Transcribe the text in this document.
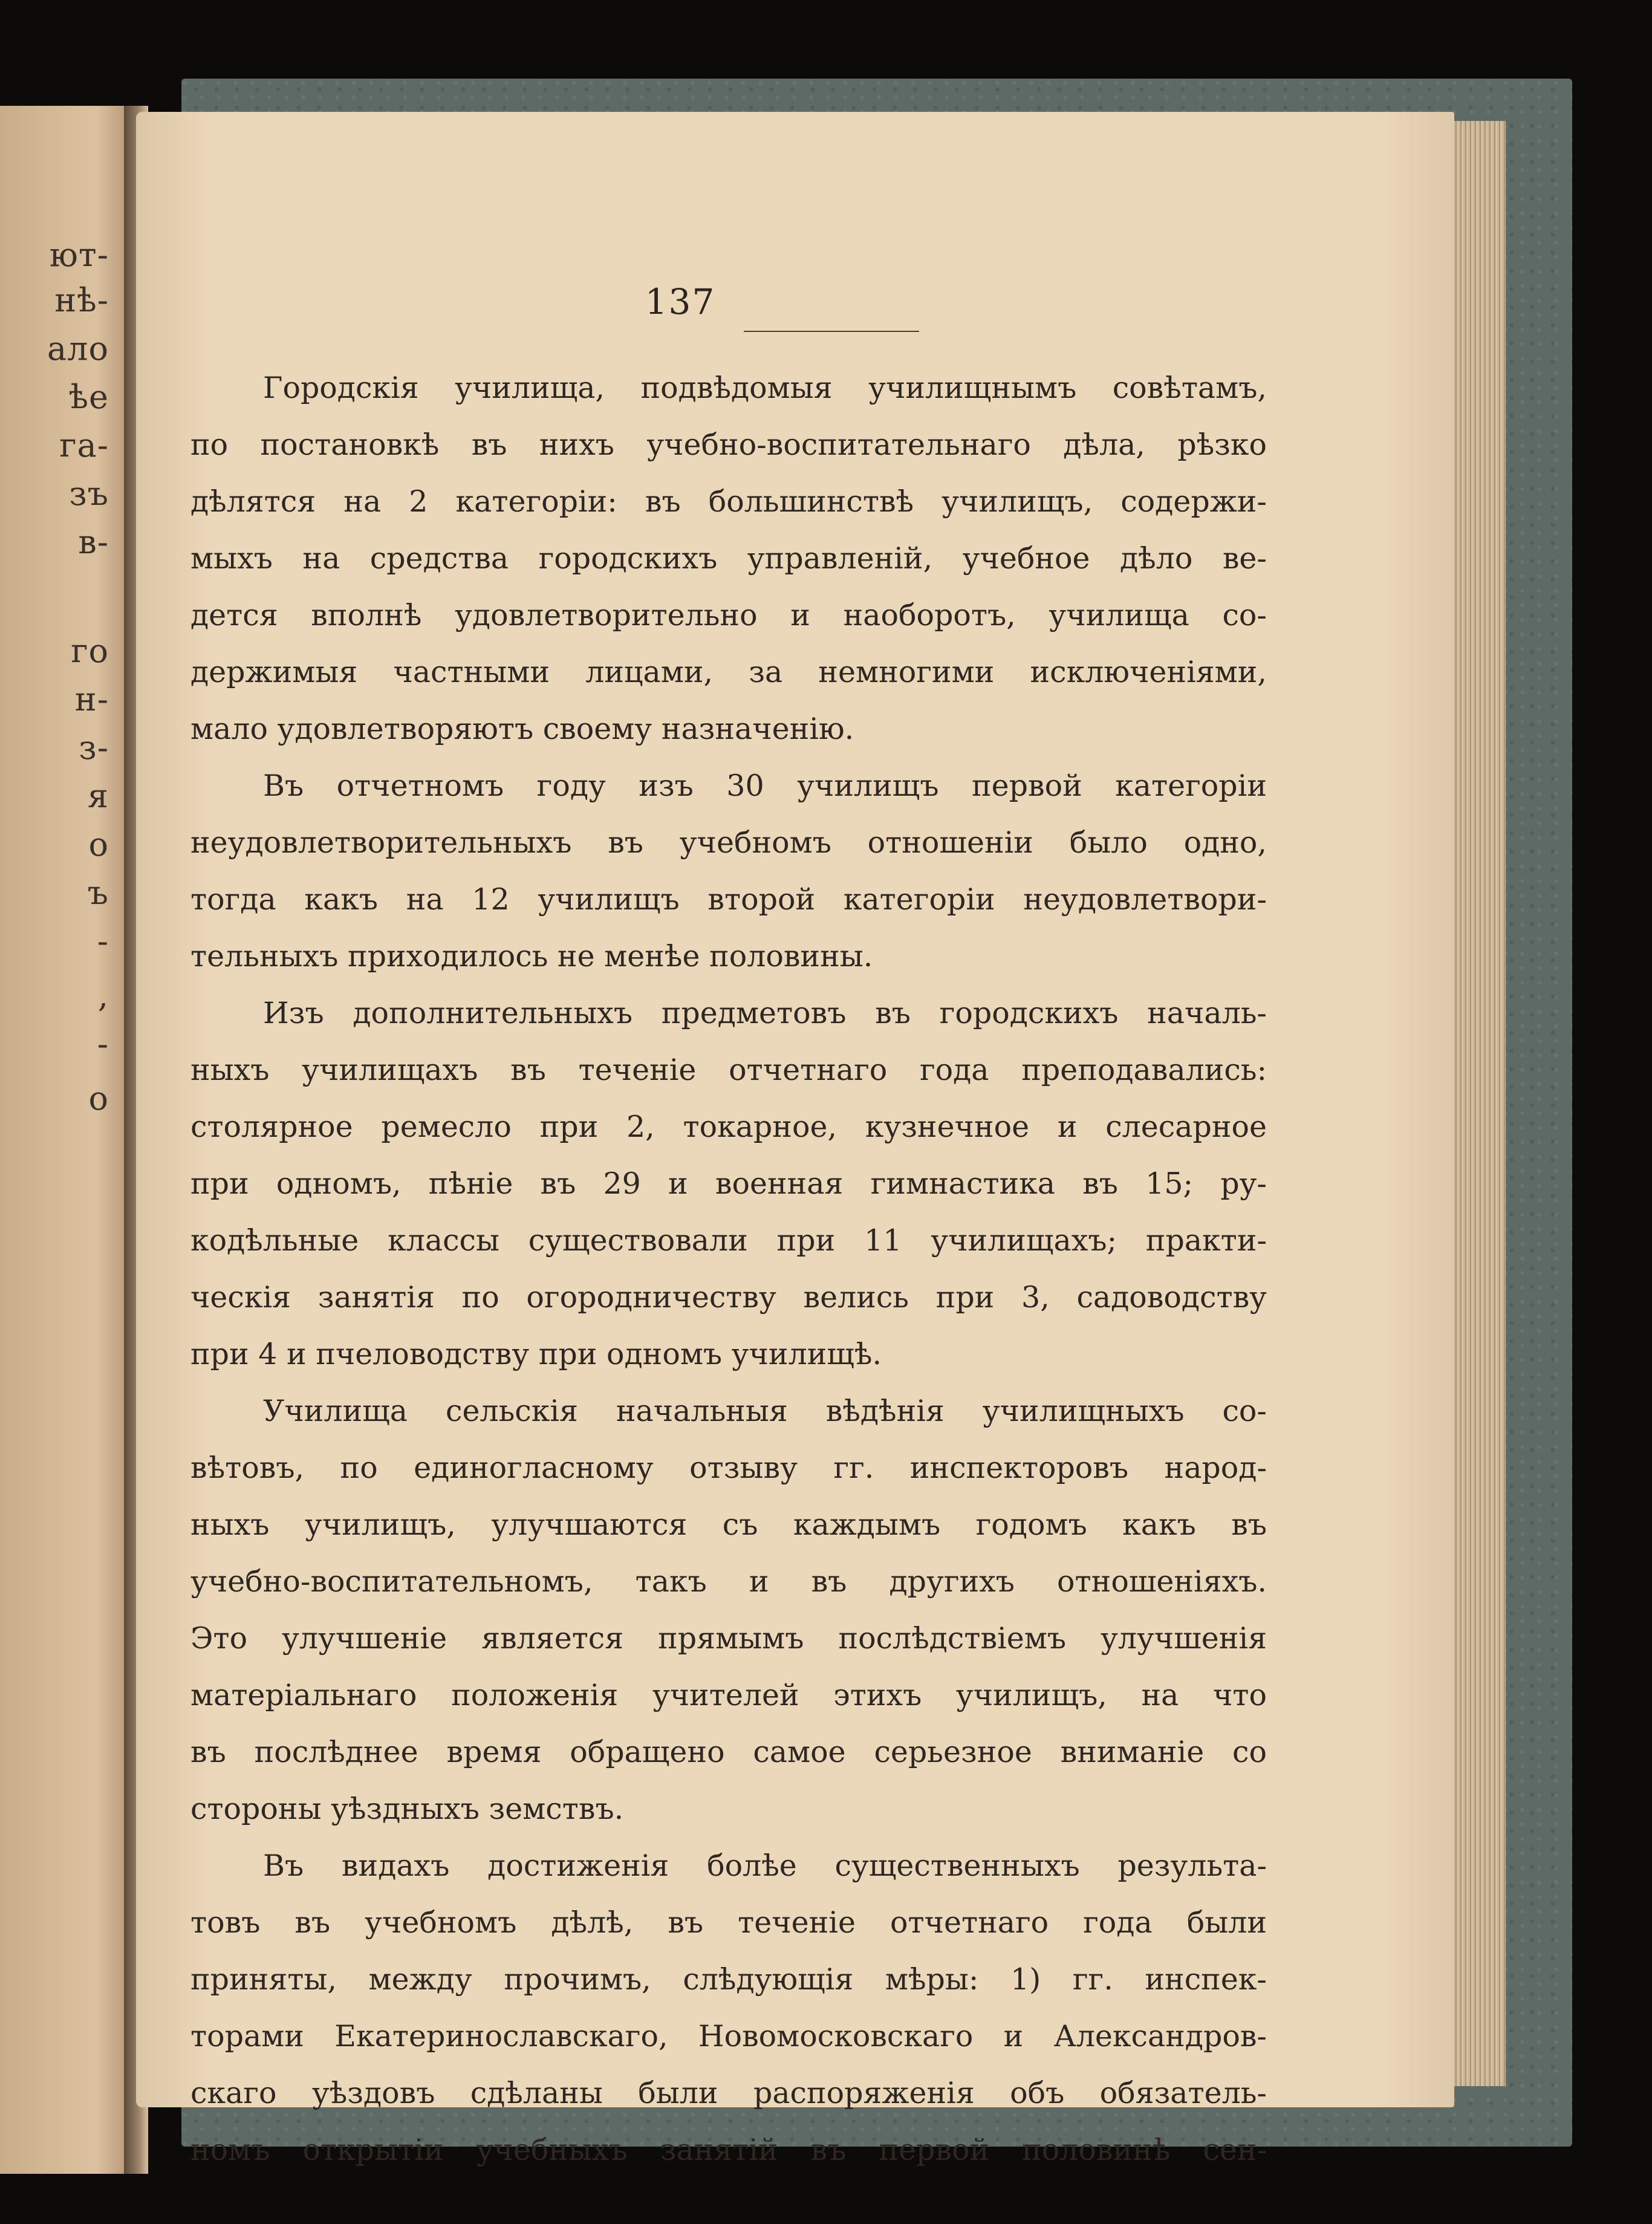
ют-
нѣ-
ало
ѣе
га-
зъ
в-
го
н-
з-
я
о
ъ
-
,
-
о
137
Городскія училища, подвѣдомыя училищнымъ совѣтамъ,
по постановкѣ въ нихъ учебно-воспитательнаго дѣла, рѣзко
дѣлятся на 2 категоріи: въ большинствѣ училищъ, содержи-
мыхъ на средства городскихъ управленій, учебное дѣло ве-
дется вполнѣ удовлетворительно и наоборотъ, училища со-
держимыя частными лицами, за немногими исключеніями,
мало удовлетворяютъ своему назначенію.
Въ отчетномъ году изъ 30 училищъ первой категоріи
неудовлетворительныхъ въ учебномъ отношеніи было одно,
тогда какъ на 12 училищъ второй категоріи неудовлетвори-
тельныхъ приходилось не менѣе половины.
Изъ дополнительныхъ предметовъ въ городскихъ началь-
ныхъ училищахъ въ теченіе отчетнаго года преподавались:
столярное ремесло при 2, токарное, кузнечное и слесарное
при одномъ, пѣніе въ 29 и военная гимнастика въ 15; ру-
кодѣльные классы существовали при 11 училищахъ; практи-
ческія занятія по огородничеству велись при 3, садоводству
при 4 и пчеловодству при одномъ училищѣ.
Училища сельскія начальныя вѣдѣнія училищныхъ со-
вѣтовъ, по единогласному отзыву гг. инспекторовъ народ-
ныхъ училищъ, улучшаются съ каждымъ годомъ какъ въ
учебно-воспитательномъ, такъ и въ другихъ отношеніяхъ.
Это улучшеніе является прямымъ послѣдствіемъ улучшенія
матеріальнаго положенія учителей этихъ училищъ, на что
въ послѣднее время обращено самое серьезное вниманіе со
стороны уѣздныхъ земствъ.
Въ видахъ достиженія болѣе существенныхъ результа-
товъ въ учебномъ дѣлѣ, въ теченіе отчетнаго года были
приняты, между прочимъ, слѣдующія мѣры: 1) гг. инспек-
торами Екатеринославскаго, Новомосковскаго и Александров-
скаго уѣздовъ сдѣланы были распоряженія объ обязатель-
номъ открытіи учебныхъ занятій въ первой половинѣ сен-
